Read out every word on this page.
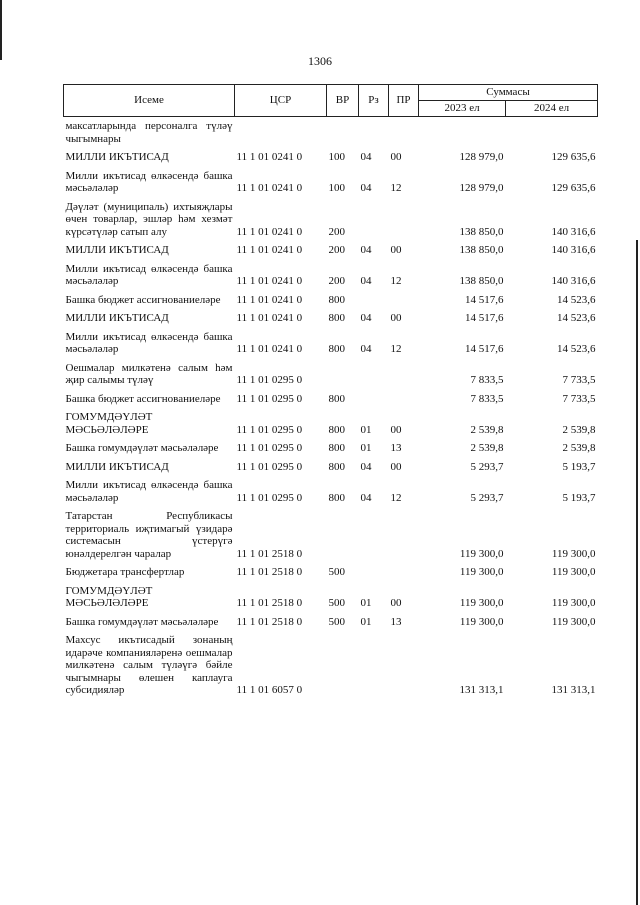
1306
Исеме	ЦСР	ВР	Рз	ПР	Суммасы	
					2023 ел	2024 ел
максатларында персоналга түләү чыгымнары						
МИЛЛИ ИКЪТИСАД	11 1 01 0241 0	100	04	00	128 979,0	129 635,6
Милли икътисад өлкәсендә башка мәсьәләләр	11 1 01 0241 0	100	04	12	128 979,0	129 635,6
Дәүләт (муниципаль) ихтыяҗлары өчен товарлар, эшләр һәм хезмәт күрсәтүләр сатып алу	11 1 01 0241 0	200			138 850,0	140 316,6
МИЛЛИ ИКЪТИСАД	11 1 01 0241 0	200	04	00	138 850,0	140 316,6
Милли икътисад өлкәсендә башка мәсьәләләр	11 1 01 0241 0	200	04	12	138 850,0	140 316,6
Башка бюджет ассигнованиеләре	11 1 01 0241 0	800			14 517,6	14 523,6
МИЛЛИ ИКЪТИСАД	11 1 01 0241 0	800	04	00	14 517,6	14 523,6
Милли икътисад өлкәсендә башка мәсьәләләр	11 1 01 0241 0	800	04	12	14 517,6	14 523,6
Оешмалар милкәтенә салым һәм җир салымы түләү	11 1 01 0295 0				7 833,5	7 733,5
Башка бюджет ассигнованиеләре	11 1 01 0295 0	800			7 833,5	7 733,5
ГОМУМДӘҮЛӘТ МӘСЬӘЛӘЛӘРЕ	11 1 01 0295 0	800	01	00	2 539,8	2 539,8
Башка гомумдәүләт мәсьәләләре	11 1 01 0295 0	800	01	13	2 539,8	2 539,8
МИЛЛИ ИКЪТИСАД	11 1 01 0295 0	800	04	00	5 293,7	5 193,7
Милли икътисад өлкәсендә башка мәсьәләләр	11 1 01 0295 0	800	04	12	5 293,7	5 193,7
Татарстан Республикасы территориаль иҗтимагый үзидарә системасын үстерүгә юнәлдерелгән чаралар	11 1 01 2518 0				119 300,0	119 300,0
Бюджетара трансфертлар	11 1 01 2518 0	500			119 300,0	119 300,0
ГОМУМДӘҮЛӘТ МӘСЬӘЛӘЛӘРЕ	11 1 01 2518 0	500	01	00	119 300,0	119 300,0
Башка гомумдәүләт мәсьәләләре	11 1 01 2518 0	500	01	13	119 300,0	119 300,0
Махсус икътисадый зонаның идарәче компанияләренә оешмалар милкәтенә салым түләүгә бәйле чыгымнары өлешен каплауга субсидияләр	11 1 01 6057 0				131 313,1	131 313,1
